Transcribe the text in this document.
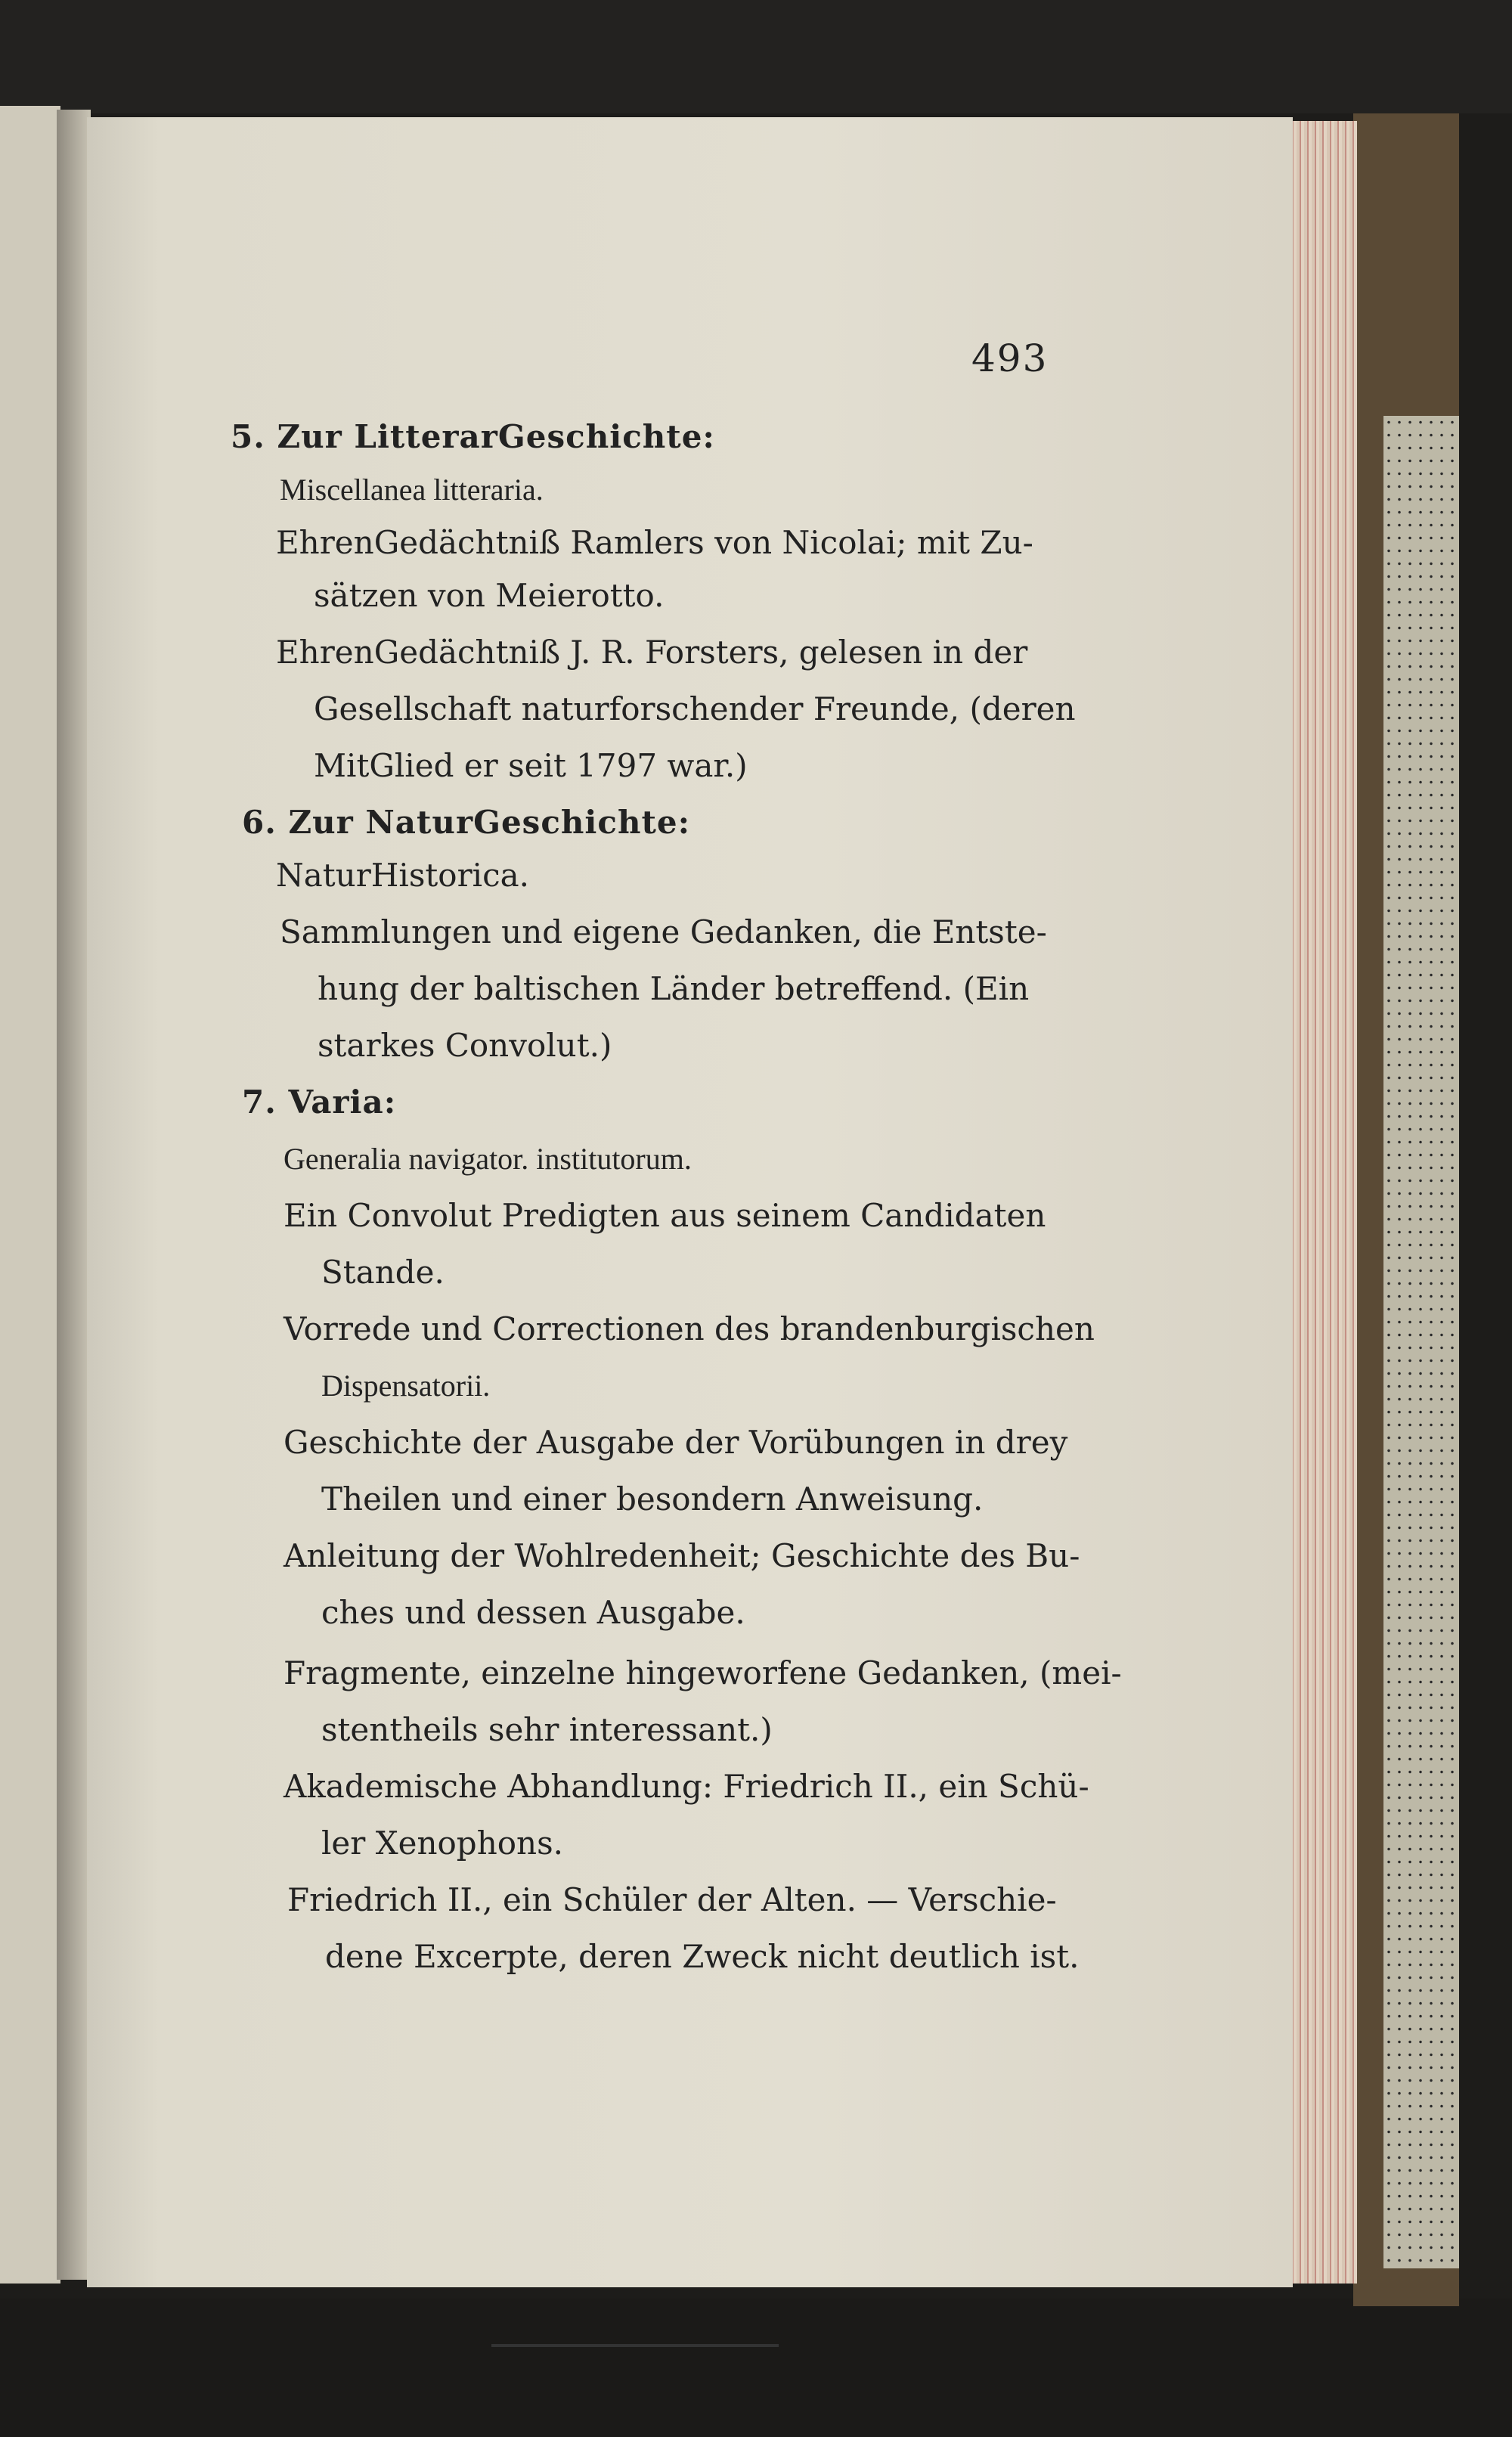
493
5. Zur LitterarGeschichte:
Miscellanea litteraria.
EhrenGedächtniß Ramlers von Nicolai; mit Zu-
sätzen von Meierotto.
EhrenGedächtniß J. R. Forsters, gelesen in der
Gesellschaft naturforschender Freunde, (deren
MitGlied er seit 1797 war.)
6. Zur NaturGeschichte:
NaturHistorica.
Sammlungen und eigene Gedanken, die Entste-
hung der baltischen Länder betreffend. (Ein
starkes Convolut.)
7. Varia:
Generalia navigator. institutorum.
Ein Convolut Predigten aus seinem Candidaten
Stande.
Vorrede und Correctionen des brandenburgischen
Dispensatorii.
Geschichte der Ausgabe der Vorübungen in drey
Theilen und einer besondern Anweisung.
Anleitung der Wohlredenheit; Geschichte des Bu-
ches und dessen Ausgabe.
Fragmente, einzelne hingeworfene Gedanken, (mei-
stentheils sehr interessant.)
Akademische Abhandlung: Friedrich II., ein Schü-
ler Xenophons.
Friedrich II., ein Schüler der Alten. — Verschie-
dene Excerpte, deren Zweck nicht deutlich ist.
